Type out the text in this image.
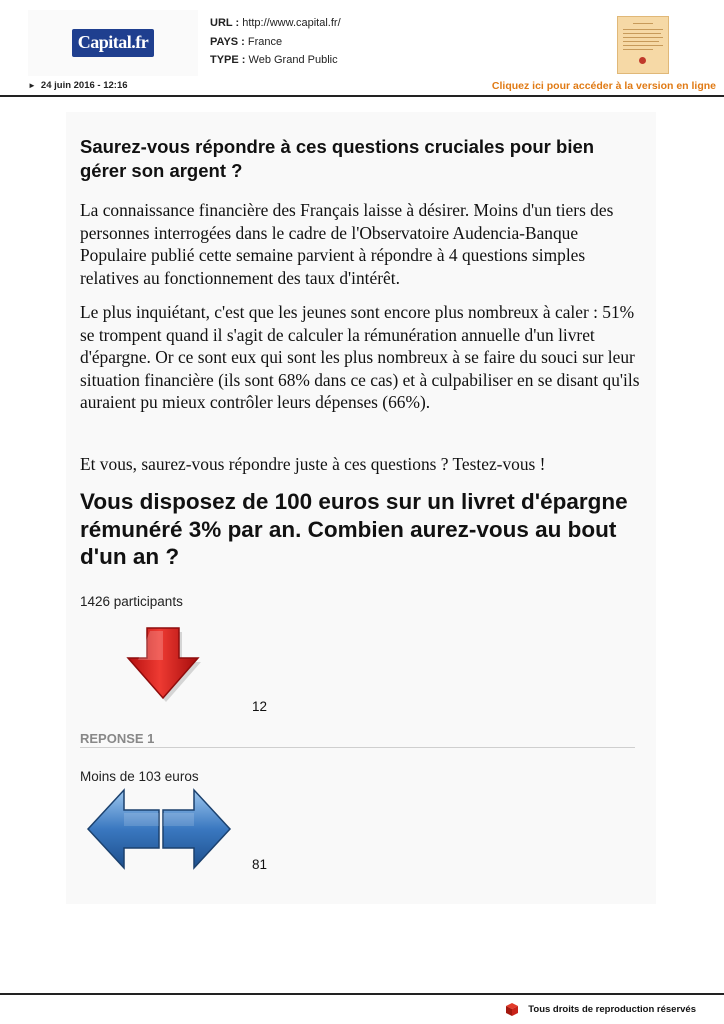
Capital.fr
URL : http://www.capital.fr/
PAYS : France
TYPE : Web Grand Public
► 24 juin 2016 - 12:16	Cliquez ici pour accéder à la version en ligne
Saurez-vous répondre à ces questions cruciales pour bien gérer son argent ?

La connaissance financière des Français laisse à désirer. Moins d'un tiers des personnes interrogées dans le cadre de l'Observatoire Audencia-Banque Populaire publié cette semaine parvient à répondre à 4 questions simples relatives au fonctionnement des taux d'intérêt.

Le plus inquiétant, c'est que les jeunes sont encore plus nombreux à caler : 51% se trompent quand il s'agit de calculer la rémunération annuelle d'un livret d'épargne. Or ce sont eux qui sont les plus nombreux à se faire du souci sur leur situation financière (ils sont 68% dans ce cas) et à culpabiliser en se disant qu'ils auraient pu mieux contrôler leurs dépenses (66%).

Et vous, saurez-vous répondre juste à ces questions ? Testez-vous !

Vous disposez de 100 euros sur un livret d'épargne rémunéré 3% par an. Combien aurez-vous au bout d'un an ?
1426 participants
12
REPONSE 1
Moins de 103 euros
81
Tous droits de reproduction réservés
